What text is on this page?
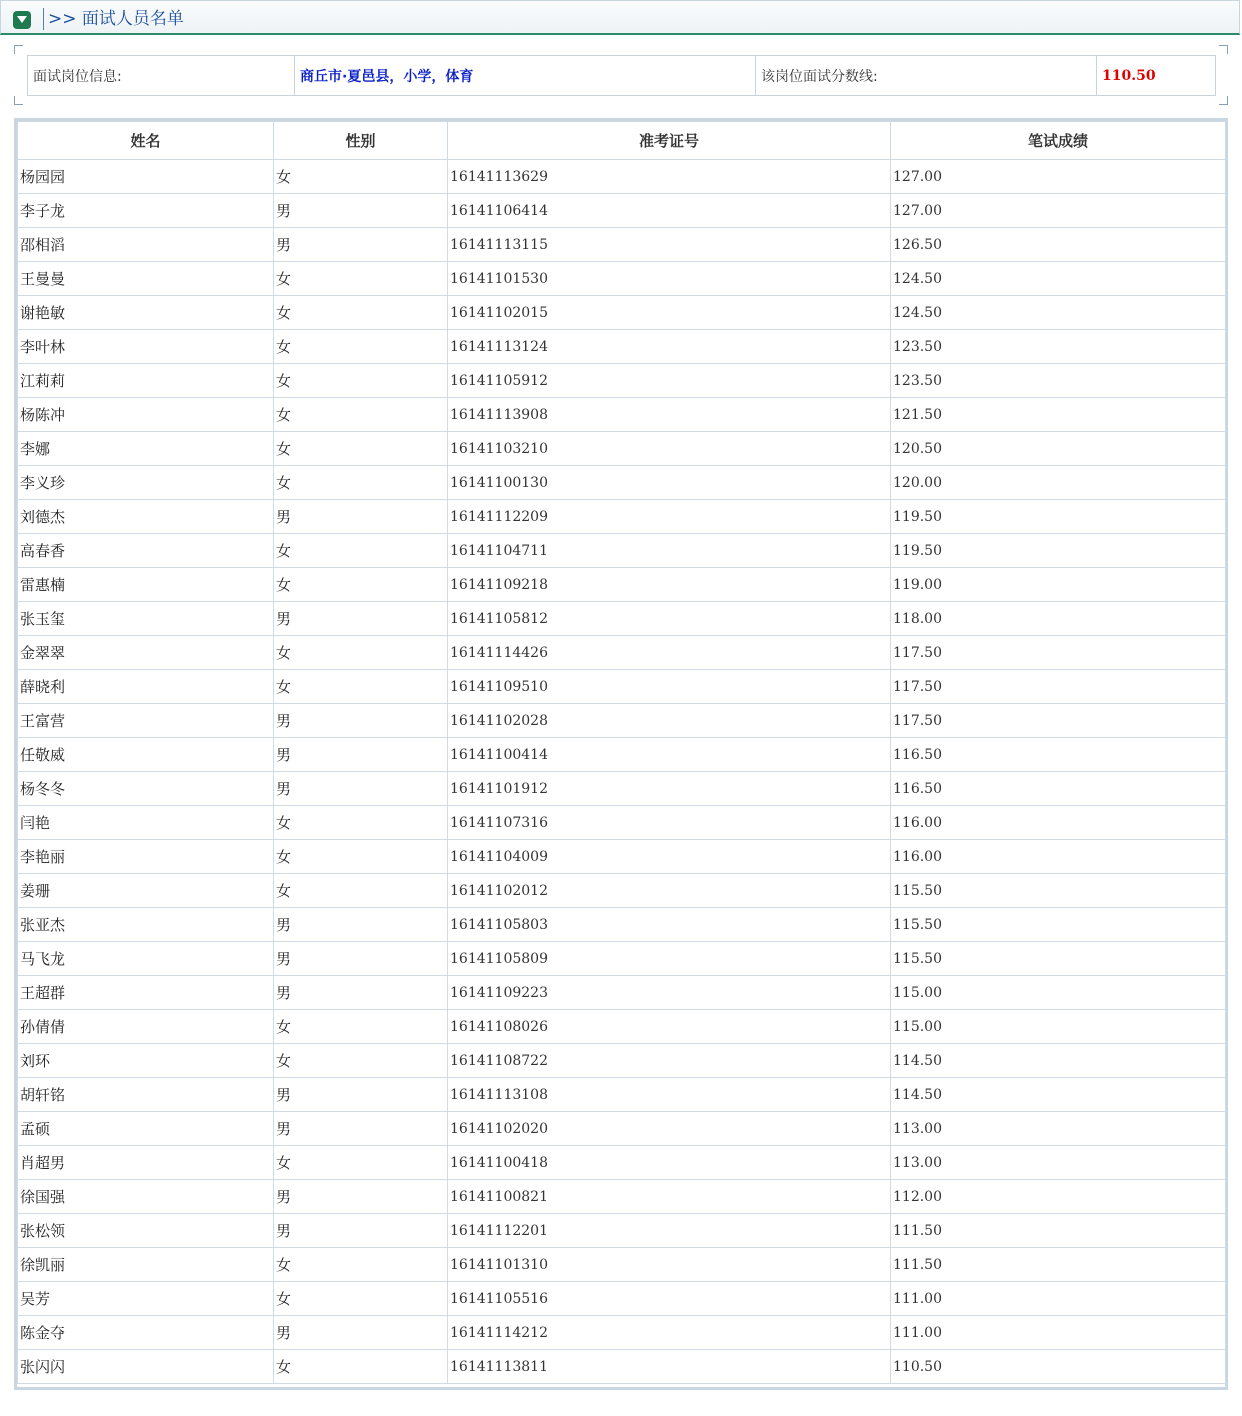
>> 面试人员名单
面试岗位信息:	商丘市·夏邑县，小学，体育	该岗位面试分数线:	110.50
姓名	性别	准考证号	笔试成绩
杨园园	女	16141113629	127.00
李子龙	男	16141106414	127.00
邵相滔	男	16141113115	126.50
王曼曼	女	16141101530	124.50
谢艳敏	女	16141102015	124.50
李叶林	女	16141113124	123.50
江莉莉	女	16141105912	123.50
杨陈冲	女	16141113908	121.50
李娜	女	16141103210	120.50
李义珍	女	16141100130	120.00
刘德杰	男	16141112209	119.50
高春香	女	16141104711	119.50
雷惠楠	女	16141109218	119.00
张玉玺	男	16141105812	118.00
金翠翠	女	16141114426	117.50
薛晓利	女	16141109510	117.50
王富营	男	16141102028	117.50
任敬威	男	16141100414	116.50
杨冬冬	男	16141101912	116.50
闫艳	女	16141107316	116.00
李艳丽	女	16141104009	116.00
姜珊	女	16141102012	115.50
张亚杰	男	16141105803	115.50
马飞龙	男	16141105809	115.50
王超群	男	16141109223	115.00
孙倩倩	女	16141108026	115.00
刘环	女	16141108722	114.50
胡轩铭	男	16141113108	114.50
孟硕	男	16141102020	113.00
肖超男	女	16141100418	113.00
徐国强	男	16141100821	112.00
张松领	男	16141112201	111.50
徐凯丽	女	16141101310	111.50
吴芳	女	16141105516	111.00
陈金夺	男	16141114212	111.00
张闪闪	女	16141113811	110.50
